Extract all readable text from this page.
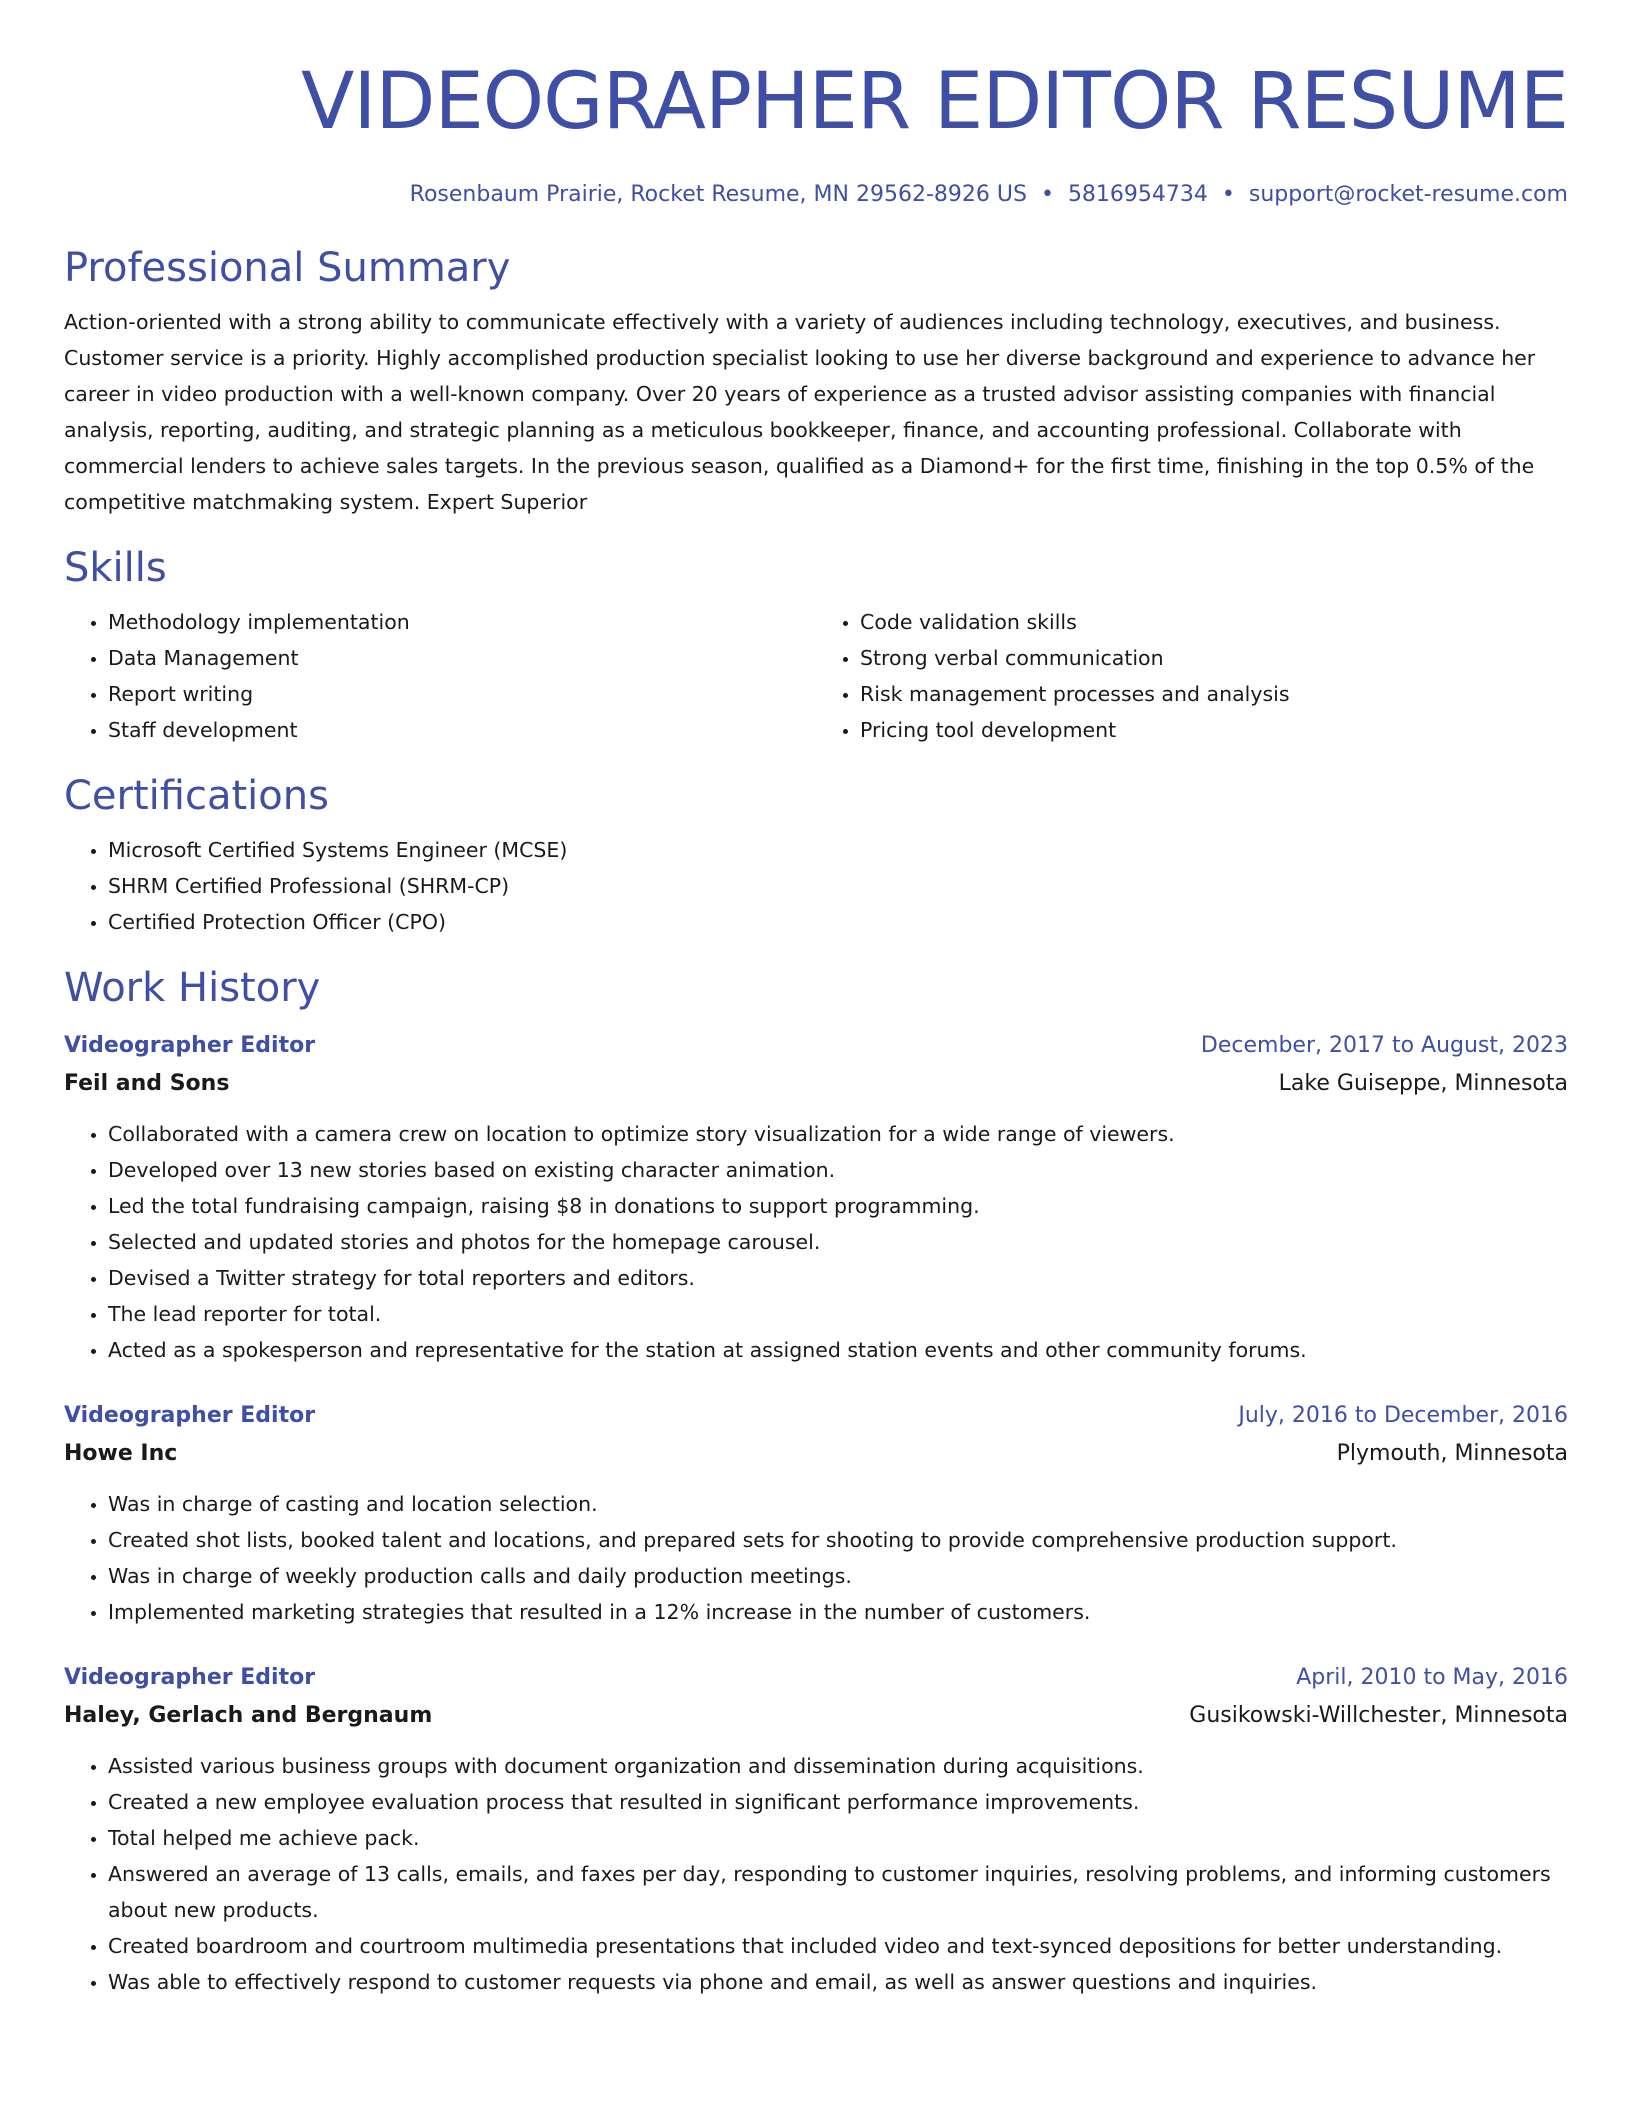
VIDEOGRAPHER EDITOR RESUME
Rosenbaum Prairie, Rocket Resume, MN 29562-8926 US • 5816954734 • support@rocket-resume.com
Professional Summary

Action-oriented with a strong ability to communicate effectively with a variety of audiences including technology, executives, and business. Customer service is a priority. Highly accomplished production specialist looking to use her diverse background and experience to advance her career in video production with a well-known company. Over 20 years of experience as a trusted advisor assisting companies with financial analysis, reporting, auditing, and strategic planning as a meticulous bookkeeper, finance, and accounting professional. Collaborate with commercial lenders to achieve sales targets. In the previous season, qualified as a Diamond+ for the first time, finishing in the top 0.5% of the competitive matchmaking system. Expert Superior

Skills
• Methodology implementation
• Data Management
• Report writing
• Staff development
• Code validation skills
• Strong verbal communication
• Risk management processes and analysis
• Pricing tool development
Certifications
• Microsoft Certified Systems Engineer (MCSE)
• SHRM Certified Professional (SHRM-CP)
• Certified Protection Officer (CPO)
Work History
Videographer Editor	December, 2017 to August, 2023
Feil and Sons	Lake Guiseppe, Minnesota
• Collaborated with a camera crew on location to optimize story visualization for a wide range of viewers.
• Developed over 13 new stories based on existing character animation.
• Led the total fundraising campaign, raising $8 in donations to support programming.
• Selected and updated stories and photos for the homepage carousel.
• Devised a Twitter strategy for total reporters and editors.
• The lead reporter for total.
• Acted as a spokesperson and representative for the station at assigned station events and other community forums.
Videographer Editor	July, 2016 to December, 2016
Howe Inc	Plymouth, Minnesota
• Was in charge of casting and location selection.
• Created shot lists, booked talent and locations, and prepared sets for shooting to provide comprehensive production support.
• Was in charge of weekly production calls and daily production meetings.
• Implemented marketing strategies that resulted in a 12% increase in the number of customers.
Videographer Editor	April, 2010 to May, 2016
Haley, Gerlach and Bergnaum	Gusikowski-Willchester, Minnesota
• Assisted various business groups with document organization and dissemination during acquisitions.
• Created a new employee evaluation process that resulted in significant performance improvements.
• Total helped me achieve pack.
• Answered an average of 13 calls, emails, and faxes per day, responding to customer inquiries, resolving problems, and informing customers about new products.
• Created boardroom and courtroom multimedia presentations that included video and text-synced depositions for better understanding.
• Was able to effectively respond to customer requests via phone and email, as well as answer questions and inquiries.
